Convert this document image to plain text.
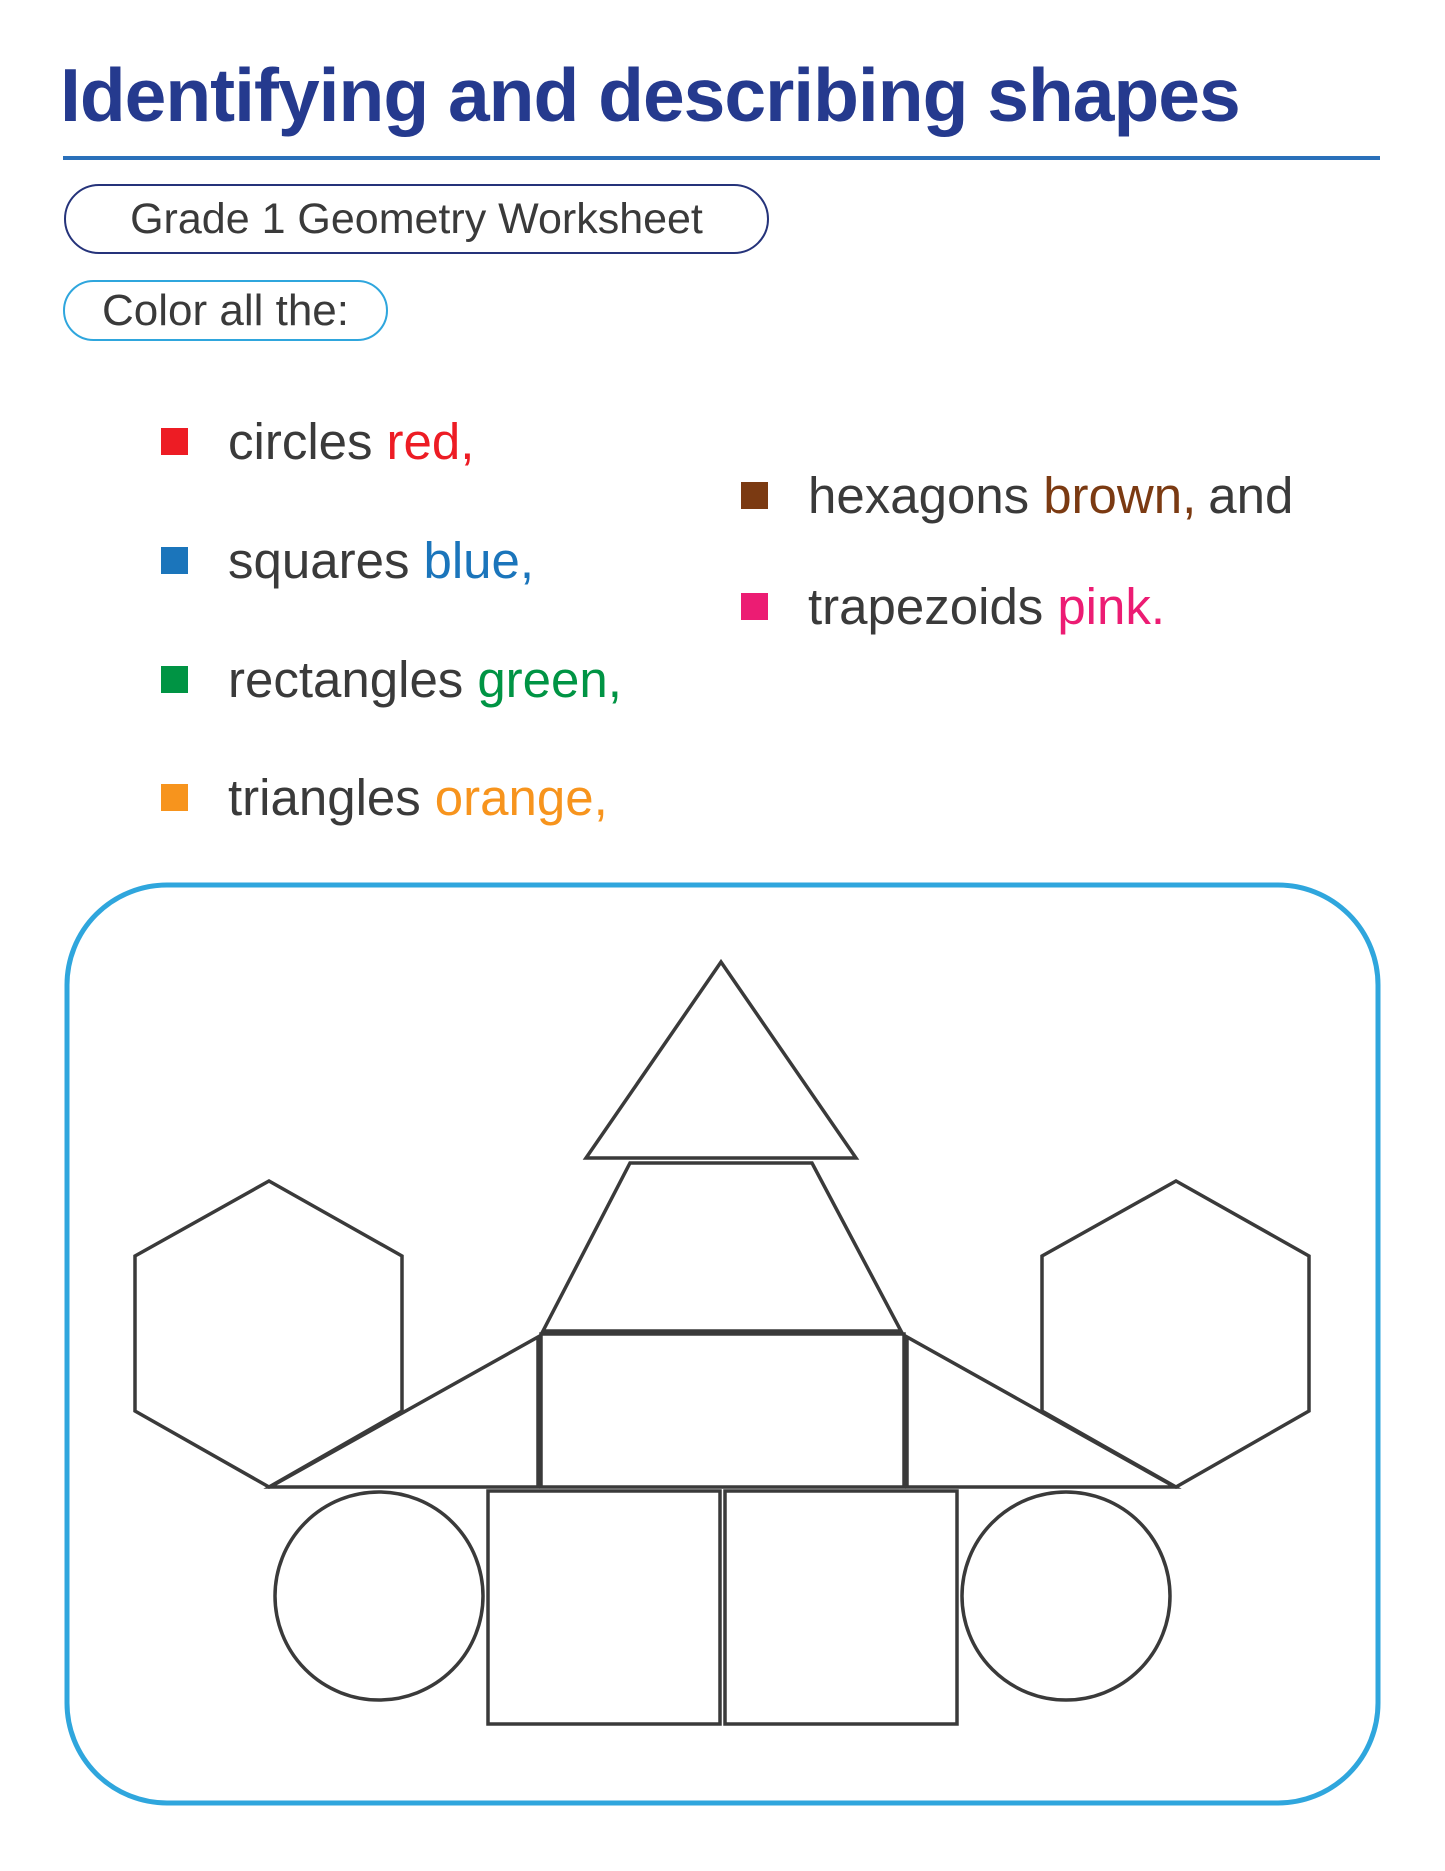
Identifying and describing shapes
Grade 1 Geometry Worksheet
Color all the:
circles red,
squares blue,
rectangles green,
triangles orange,
hexagons brown, and
trapezoids pink.
